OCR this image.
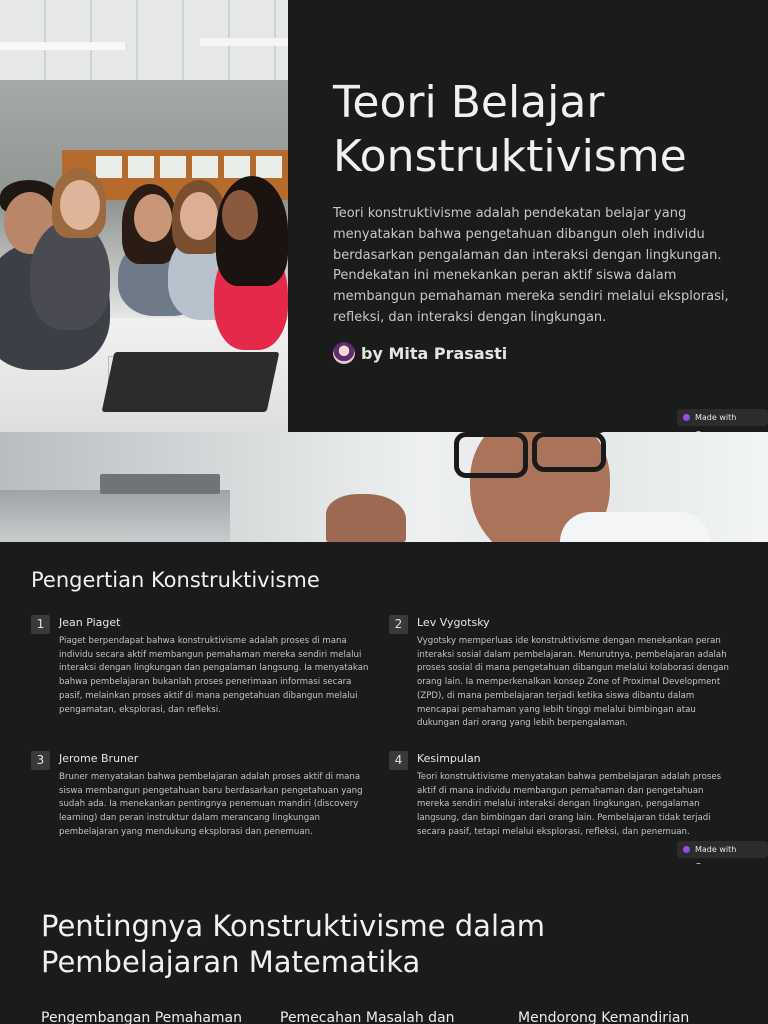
Teori Belajar
Konstruktivisme

Teori konstruktivisme adalah pendekatan belajar yang menyatakan bahwa pengetahuan dibangun oleh individu berdasarkan pengalaman dan interaksi dengan lingkungan. Pendekatan ini menekankan peran aktif siswa dalam membangun pemahaman mereka sendiri melalui eksplorasi, refleksi, dan interaksi dengan lingkungan.

by Mita Prasasti
Made with
Pengertian Konstruktivisme
1	Jean Piaget
Piaget berpendapat bahwa konstruktivisme adalah proses di mana individu secara aktif membangun pemahaman mereka sendiri melalui interaksi dengan lingkungan dan pengalaman langsung. Ia menyatakan bahwa pembelajaran bukanlah proses penerimaan informasi secara pasif, melainkan proses aktif di mana pengetahuan dibangun melalui pengamatan, eksplorasi, dan refleksi.
2	Lev Vygotsky
Vygotsky memperluas ide konstruktivisme dengan menekankan peran interaksi sosial dalam pembelajaran. Menurutnya, pembelajaran adalah proses sosial di mana pengetahuan dibangun melalui kolaborasi dengan orang lain. Ia memperkenalkan konsep Zone of Proximal Development (ZPD), di mana pembelajaran terjadi ketika siswa dibantu dalam mencapai pemahaman yang lebih tinggi melalui bimbingan atau dukungan dari orang yang lebih berpengalaman.
3	Jerome Bruner
Bruner menyatakan bahwa pembelajaran adalah proses aktif di mana siswa membangun pengetahuan baru berdasarkan pengetahuan yang sudah ada. Ia menekankan pentingnya penemuan mandiri (discovery learning) dan peran instruktur dalam merancang lingkungan pembelajaran yang mendukung eksplorasi dan penemuan.
4	Kesimpulan
Teori konstruktivisme menyatakan bahwa pembelajaran adalah proses aktif di mana individu membangun pemahaman dan pengetahuan mereka sendiri melalui interaksi dengan lingkungan, pengalaman langsung, dan bimbingan dari orang lain. Pembelajaran tidak terjadi secara pasif, tetapi melalui eksplorasi, refleksi, dan penemuan.
Made with
Pentingnya Konstruktivisme dalam Pembelajaran Matematika
Pengembangan Pemahaman	Pemecahan Masalah dan	Mendorong Kemandirian
